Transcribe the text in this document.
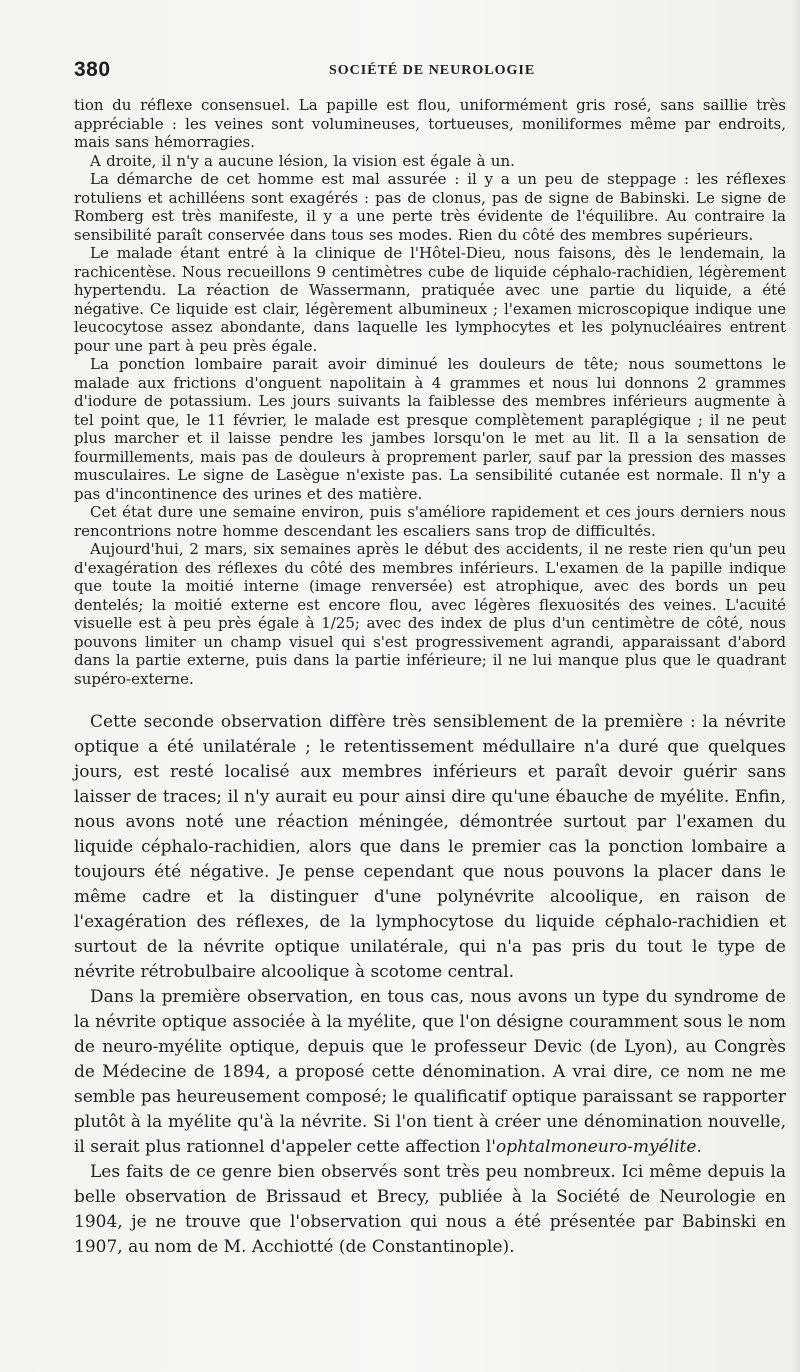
380	SOCIÉTÉ DE NEUROLOGIE

tion du réflexe consensuel. La papille est flou, uniformément gris rosé, sans saillie très appréciable : les veines sont volumineuses, tortueuses, moniliformes même par endroits, mais sans hémorragies.

A droite, il n'y a aucune lésion, la vision est égale à un.

La démarche de cet homme est mal assurée : il y a un peu de steppage : les réflexes rotuliens et achilléens sont exagérés : pas de clonus, pas de signe de Babinski. Le signe de Romberg est très manifeste, il y a une perte très évidente de l'équilibre. Au contraire la sensibilité paraît conservée dans tous ses modes. Rien du côté des membres supérieurs.

Le malade étant entré à la clinique de l'Hôtel-Dieu, nous faisons, dès le lendemain, la rachicentèse. Nous recueillons 9 centimètres cube de liquide céphalo-rachidien, légèrement hypertendu. La réaction de Wassermann, pratiquée avec une partie du liquide, a été négative. Ce liquide est clair, légèrement albumineux ; l'examen microscopique indique une leucocytose assez abondante, dans laquelle les lymphocytes et les polynucléaires entrent pour une part à peu près égale.

La ponction lombaire parait avoir diminué les douleurs de tête; nous soumettons le malade aux frictions d'onguent napolitain à 4 grammes et nous lui donnons 2 grammes d'iodure de potassium. Les jours suivants la faiblesse des membres inférieurs augmente à tel point que, le 11 février, le malade est presque complètement paraplégique ; il ne peut plus marcher et il laisse pendre les jambes lorsqu'on le met au lit. Il a la sensation de fourmillements, mais pas de douleurs à proprement parler, sauf par la pression des masses musculaires. Le signe de Lasègue n'existe pas. La sensibilité cutanée est normale. Il n'y a pas d'incontinence des urines et des matière.

Cet état dure une semaine environ, puis s'améliore rapidement et ces jours derniers nous rencontrions notre homme descendant les escaliers sans trop de difficultés.

Aujourd'hui, 2 mars, six semaines après le début des accidents, il ne reste rien qu'un peu d'exagération des réflexes du côté des membres inférieurs. L'examen de la papille indique que toute la moitié interne (image renversée) est atrophique, avec des bords un peu dentelés; la moitié externe est encore flou, avec légères flexuosités des veines. L'acuité visuelle est à peu près égale à 1/25; avec des index de plus d'un centimètre de côté, nous pouvons limiter un champ visuel qui s'est progressivement agrandi, apparaissant d'abord dans la partie externe, puis dans la partie inférieure; il ne lui manque plus que le quadrant supéro-externe.

Cette seconde observation diffère très sensiblement de la première : la névrite optique a été unilatérale ; le retentissement médullaire n'a duré que quelques jours, est resté localisé aux membres inférieurs et paraît devoir guérir sans laisser de traces; il n'y aurait eu pour ainsi dire qu'une ébauche de myélite. Enfin, nous avons noté une réaction méningée, démontrée surtout par l'examen du liquide céphalo-rachidien, alors que dans le premier cas la ponction lombaire a toujours été négative. Je pense cependant que nous pouvons la placer dans le même cadre et la distinguer d'une polynévrite alcoolique, en raison de l'exagération des réflexes, de la lymphocytose du liquide céphalo-rachidien et surtout de la névrite optique unilatérale, qui n'a pas pris du tout le type de névrite rétrobulbaire alcoolique à scotome central.

Dans la première observation, en tous cas, nous avons un type du syndrome de la névrite optique associée à la myélite, que l'on désigne couramment sous le nom de neuro-myélite optique, depuis que le professeur Devic (de Lyon), au Congrès de Médecine de 1894, a proposé cette dénomination. A vrai dire, ce nom ne me semble pas heureusement composé; le qualificatif optique paraissant se rapporter plutôt à la myélite qu'à la névrite. Si l'on tient à créer une dénomination nouvelle, il serait plus rationnel d'appeler cette affection l'ophtalmoneuro-myélite.

Les faits de ce genre bien observés sont très peu nombreux. Ici même depuis la belle observation de Brissaud et Brecy, publiée à la Société de Neurologie en 1904, je ne trouve que l'observation qui nous a été présentée par Babinski en 1907, au nom de M. Acchiotté (de Constantinople).
